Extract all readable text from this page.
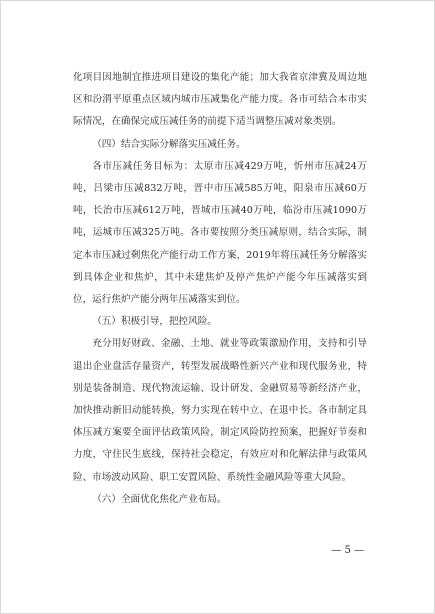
化项目因地制宜推进项目建设的集化产能；加大我省京津冀及周边地区和汾渭平原重点区域内城市压减集化产能力度。各市可结合本市实际情况，在确保完成压减任务的前提下适当调整压减对象类别。

（四）结合实际分解落实压减任务。

各市压减任务目标为：太原市压减429万吨，忻州市压减24万吨，吕梁市压减832万吨，晋中市压减585万吨，阳泉市压减60万吨，长治市压减612万吨，晋城市压减40万吨，临汾市压减1090万吨，运城市压减325万吨。各市要按照分类压减原则，结合实际，制定本市压减过剩焦化产能行动工作方案，2019年将压减任务分解落实到具体企业和焦炉，其中未建焦炉及停产焦炉产能今年压减落实到位，运行焦炉产能分两年压减落实到位。

（五）积极引导，把控风险。

充分用好财政、金融、土地、就业等政策激励作用，支持和引导退出企业盘活存量资产，转型发展战略性新兴产业和现代服务业，特别是装备制造、现代物流运输、设计研发、金融贸易等新经济产业，加快推动新旧动能转换，努力实现在转中立、在退中长。各市制定具体压减方案要全面评估政策风险，制定风险防控预案，把握好节奏和力度，守住民生底线，保持社会稳定，有效应对和化解法律与政策风险、市场波动风险、职工安置风险、系统性金融风险等重大风险。

（六）全面优化焦化产业布局。

— 5 —
